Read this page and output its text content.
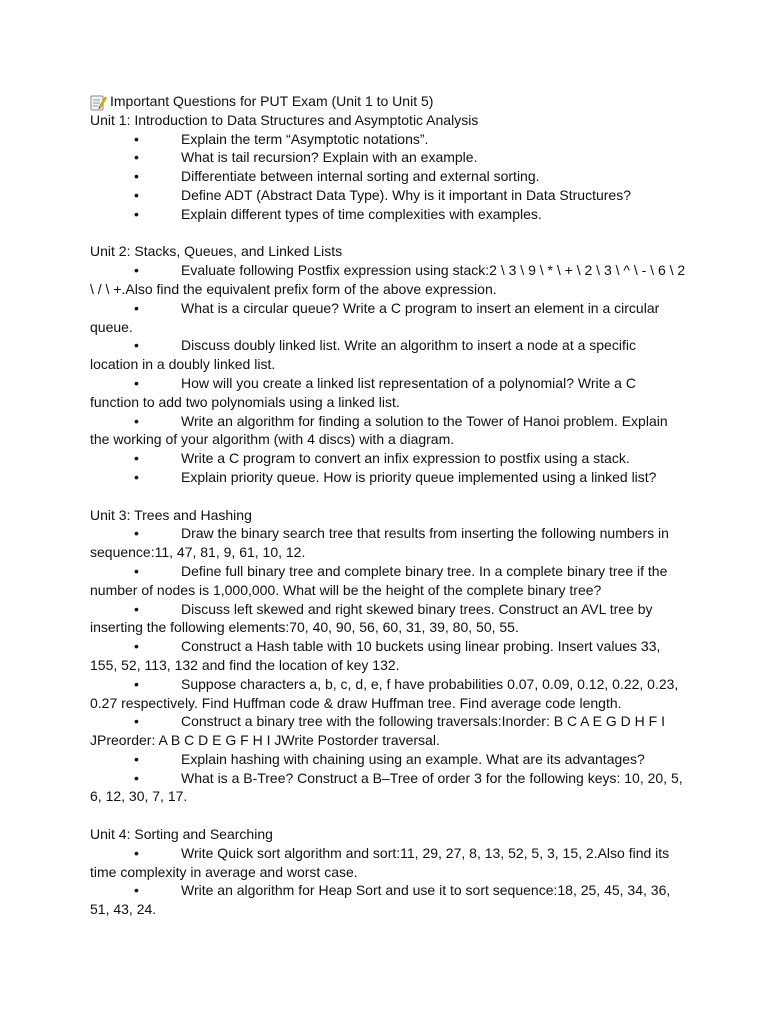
Important Questions for PUT Exam (Unit 1 to Unit 5)
Unit 1: Introduction to Data Structures and Asymptotic Analysis
•	Explain the term “Asymptotic notations”.
•	What is tail recursion? Explain with an example.
•	Differentiate between internal sorting and external sorting.
•	Define ADT (Abstract Data Type). Why is it important in Data Structures?
•	Explain different types of time complexities with examples.
Unit 2: Stacks, Queues, and Linked Lists
•	Evaluate following Postfix expression using stack:2 \ 3 \ 9 \ * \ + \ 2 \ 3 \ ^ \ - \ 6 \ 2
\ / \ +.Also find the equivalent prefix form of the above expression.
•	What is a circular queue? Write a C program to insert an element in a circular
queue.
•	Discuss doubly linked list. Write an algorithm to insert a node at a specific
location in a doubly linked list.
•	How will you create a linked list representation of a polynomial? Write a C
function to add two polynomials using a linked list.
•	Write an algorithm for finding a solution to the Tower of Hanoi problem. Explain
the working of your algorithm (with 4 discs) with a diagram.
•	Write a C program to convert an infix expression to postfix using a stack.
•	Explain priority queue. How is priority queue implemented using a linked list?
Unit 3: Trees and Hashing
•	Draw the binary search tree that results from inserting the following numbers in
sequence:11, 47, 81, 9, 61, 10, 12.
•	Define full binary tree and complete binary tree. In a complete binary tree if the
number of nodes is 1,000,000. What will be the height of the complete binary tree?
•	Discuss left skewed and right skewed binary trees. Construct an AVL tree by
inserting the following elements:70, 40, 90, 56, 60, 31, 39, 80, 50, 55.
•	Construct a Hash table with 10 buckets using linear probing. Insert values 33,
155, 52, 113, 132 and find the location of key 132.
•	Suppose characters a, b, c, d, e, f have probabilities 0.07, 0.09, 0.12, 0.22, 0.23,
0.27 respectively. Find Huffman code & draw Huffman tree. Find average code length.
•	Construct a binary tree with the following traversals:Inorder: B C A E G D H F I
JPreorder: A B C D E G F H I JWrite Postorder traversal.
•	Explain hashing with chaining using an example. What are its advantages?
•	What is a B-Tree? Construct a B–Tree of order 3 for the following keys: 10, 20, 5,
6, 12, 30, 7, 17.
Unit 4: Sorting and Searching
•	Write Quick sort algorithm and sort:11, 29, 27, 8, 13, 52, 5, 3, 15, 2.Also find its
time complexity in average and worst case.
•	Write an algorithm for Heap Sort and use it to sort sequence:18, 25, 45, 34, 36,
51, 43, 24.
